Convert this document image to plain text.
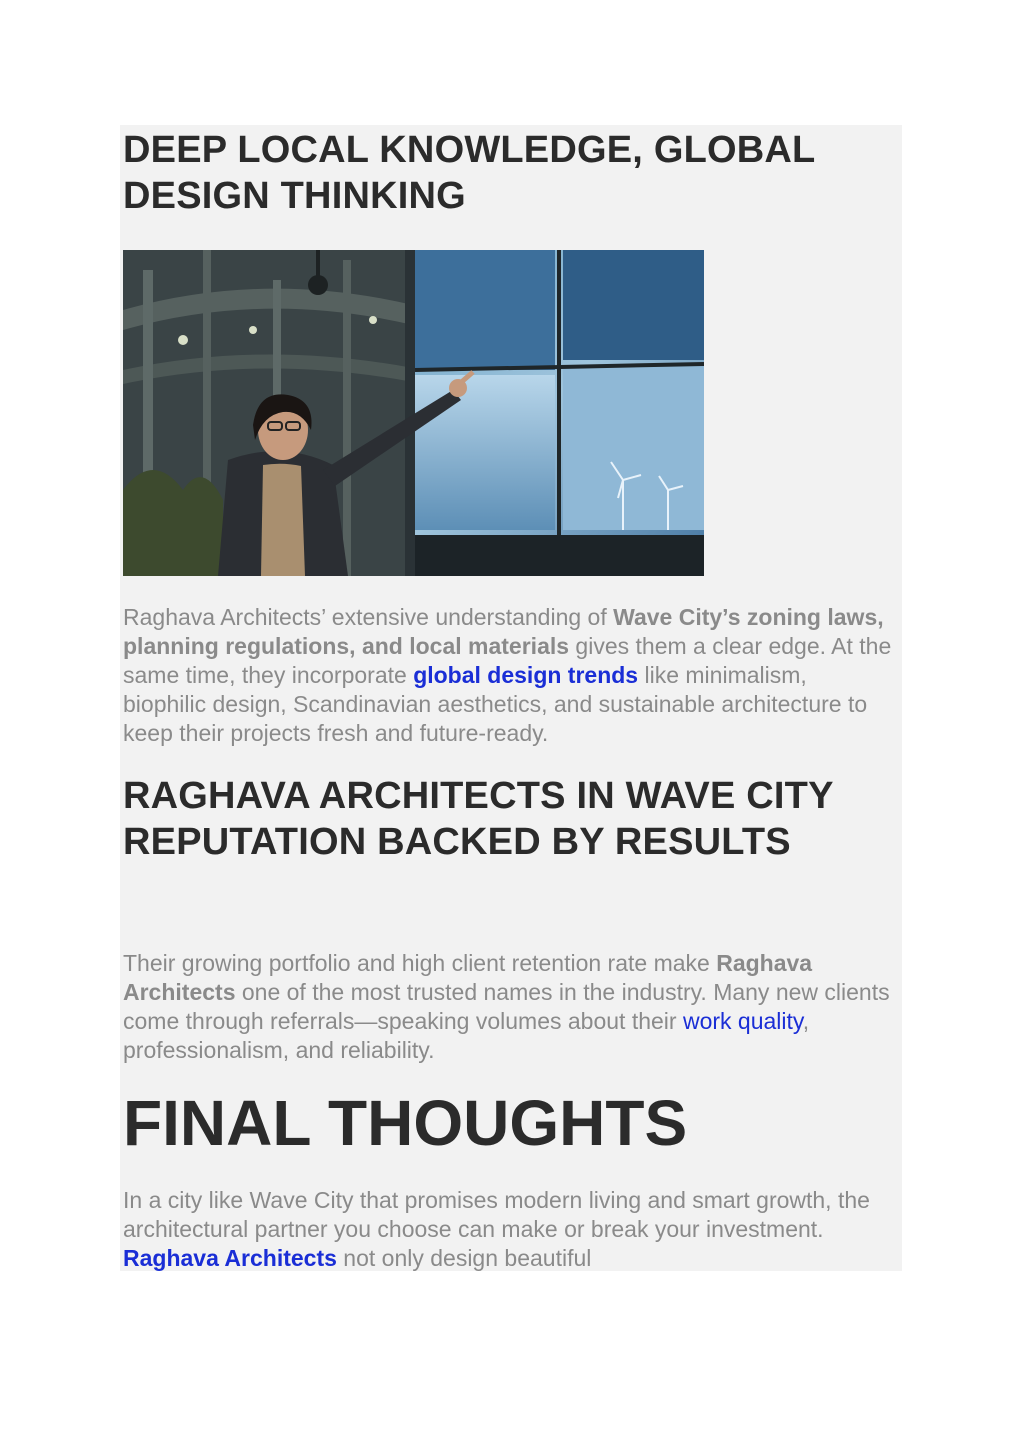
DEEP LOCAL KNOWLEDGE, GLOBAL DESIGN THINKING

Raghava Architects’ extensive understanding of Wave City’s zoning laws, planning regulations, and local materials gives them a clear edge. At the same time, they incorporate global design trends like minimalism, biophilic design, Scandinavian aesthetics, and sustainable architecture to keep their projects fresh and future-ready.

RAGHAVA ARCHITECTS IN WAVE CITY REPUTATION BACKED BY RESULTS

Their growing portfolio and high client retention rate make Raghava Architects one of the most trusted names in the industry. Many new clients come through referrals—speaking volumes about their work quality, professionalism, and reliability.

FINAL THOUGHTS

In a city like Wave City that promises modern living and smart growth, the architectural partner you choose can make or break your investment. Raghava Architects not only design beautiful
